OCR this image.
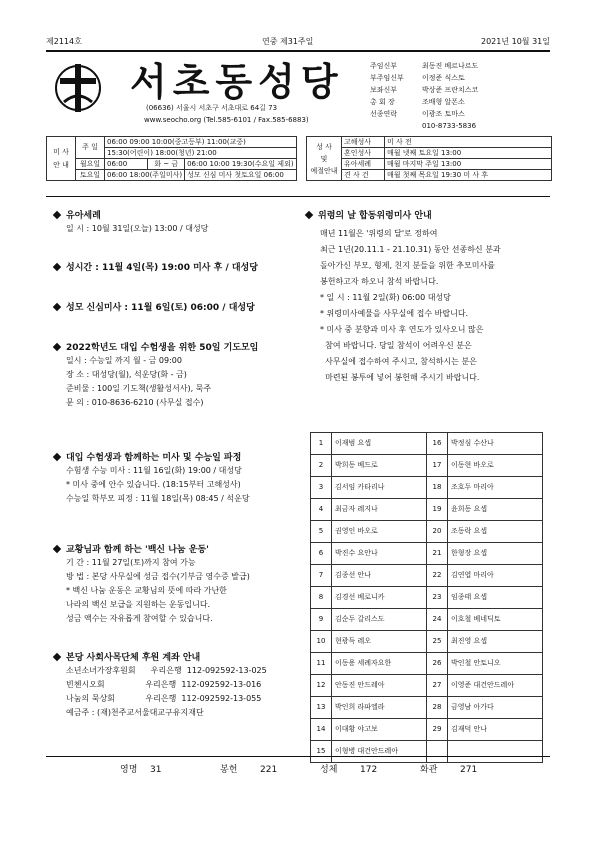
제2114호	연중 제31주일	2021년 10월 31일
서초동성당
(06636) 서울시 서초구 서초대로 64길 73
www.seocho.org (Tel.585-6101 / Fax.585-6883)
주임신부	최동진 베르나르도
부주임신부	이정준 식스토
보좌신부	박상준 프란치스코
총 회 장	조배형 알폰소
선종연락	이광조 토마스
010-8733-5836
미 사
안 내	주 일	06:00 09:00 10:00(중고등부) 11:00(교중)		
		15:30(어린이) 18:00(청년) 21:00		
	월요일	06:00	화 ~ 금	06:00 10:00 19:30(수요일 제외)
	토요일	06:00 18:00(주일미사)		성모 신심 미사 첫토요일 06:00
성 사
및
예절안내	고해성사	미 사 전
	혼인성사	매월 넷째 토요일 13:00
	유아세례	매월 마지막 주일 13:00
	견 사 건	매월 첫째 목요일 19:30 미 사 후
유아세례

일 시 : 10월 31일(오늘) 13:00 / 대성당

성시간 : 11월 4일(목) 19:00 미사 후 / 대성당
성모 신심미사 : 11월 6일(토) 06:00 / 대성당
2022학년도 대입 수험생을 위한 50일 기도모임

일시 : 수능일 까지 월 - 금 09:00

장 소 : 대성당(월), 석운당(화 - 금)

준비물 : 100일 기도책(생활성서사), 묵주

문 의 : 010-8636-6210 (사무실 접수)

대입 수험생과 함께하는 미사 및 수능일 파정

수험생 수능 미사 : 11월 16일(화) 19:00 / 대성당

* 미사 중에 안수 있습니다. (18:15부터 고해성사)

수능일 학부모 피정 : 11월 18일(목) 08:45 / 석운당

교황님과 함께 하는 '백신 나눔 운동'

기 간 : 11월 27일(토)까지 참여 가능

방 법 : 본당 사무실에 성금 접수(기부금 영수증 발급)

* 백신 나눔 운동은 교황님의 뜻에 따라 가난한

나라의 백신 보급을 지원하는 운동입니다.

성금 액수는 자유롭게 참여할 수 있습니다.

본당 사회사목단체 후원 계좌 안내

소년소녀가장후원회      우리은행  112-092592-13-025

빈첸시오회                우리은행  112-092592-13-016

나눔의 묵상회            우리은행  112-092592-13-055

예금주 : (재)천주교서울대교구유지재단

위령의 날 합동위령미사 안내

매년 11월은 '위령의 달'로 정하여

최근 1년(20.11.1 - 21.10.31) 동안 선종하신 분과

돌아가신 부모, 형제, 친지 분들을 위한 추모미사를

봉헌하고자 하오니 참석 바랍니다.

* 일 시 : 11월 2일(화) 06:00 대성당

* 위령미사예물을 사무실에 접수 바랍니다.

* 미사 중 분향과 미사 후 연도가 있사오니 많은

참여 바랍니다. 당일 참석이 어려우신 분은

사무실에 접수하여 주시고, 참석하시는 분은

마련된 봉투에 넣어 봉헌해 주시기 바랍니다.

1	이재범 요셉	16	박정심 수산나
2	박희동 베드로	17	이동현 바오로
3	김서임 카타리나	18	조호두 마리아
4	최금자 레지나	19	윤희동 요셉
5	권영인 바오로	20	조동락 요셉
6	박진수 요안나	21	한형장 요셉
7	김종선 안나	22	김연엽 마리아
8	김경선 베로니카	23	임종태 요셉
9	김순두 갈리스도	24	이호철 베네딕토
10	현광득 레오	25	최진영 요셉
11	이동용 세례자요한	26	박인철 안토니오
12	안동진 안드레아	27	이영준 대건안드레아
13	박인희 라파엘라	28	금영남 아가다
14	이대황 야고보	29	김재덕 안나
15	이형병 대건안드레아		
영명 31	봉헌	221	성체	172	화관	271
